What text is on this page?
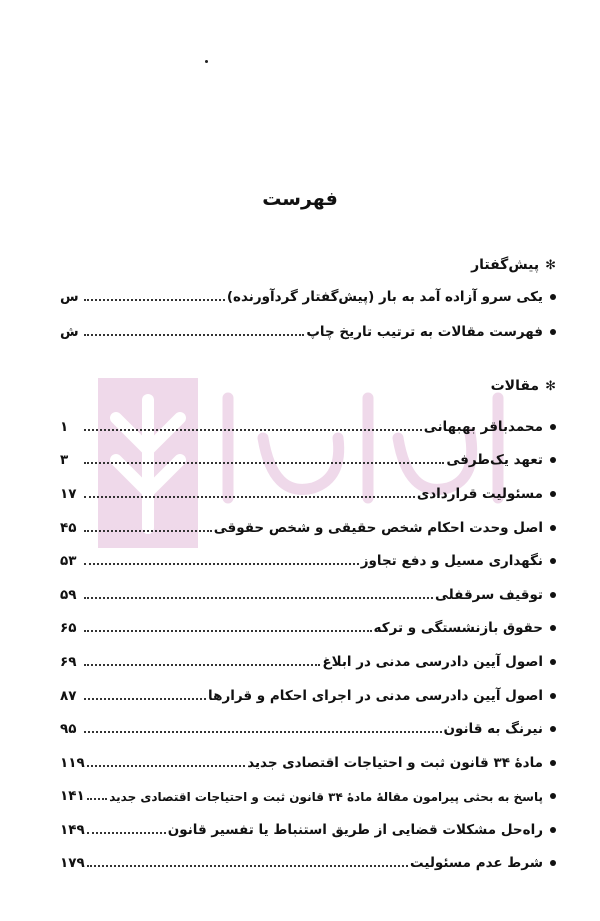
فهرست
✻پیش‌گفتار
یکی سرو آزاده آمد به بار (پیش‌گفتار گردآورنده)
س
فهرست مقالات به ترتیب تاریخ چاپ
ش
✻مقالات
محمدباقر بهبهانی
۱
تعهد یک‌طرفی
۳
مسئولیت قراردادی
۱۷
اصل وحدت احکام شخص حقیقی و شخص حقوقی
۴۵
نگهداری مسیل و دفع تجاوز
۵۳
توقیف سرقفلی
۵۹
حقوق بازنشستگی و ترکه
۶۵
اصول آیین دادرسی مدنی در ابلاغ
۶۹
اصول آیین دادرسی مدنی در اجرای احکام و قرارها
۸۷
نیرنگ به قانون
۹۵
مادهٔ ۳۴ قانون ثبت و احتیاجات اقتصادی جدید
۱۱۹
پاسخ به بحثی پیرامون مقالهٔ مادهٔ ۳۴ قانون ثبت و احتیاجات اقتصادی جدید
۱۴۱
راه‌حل مشکلات قضایی از طریق استنباط یا تفسیر قانون
۱۴۹
شرط عدم مسئولیت
۱۷۹
